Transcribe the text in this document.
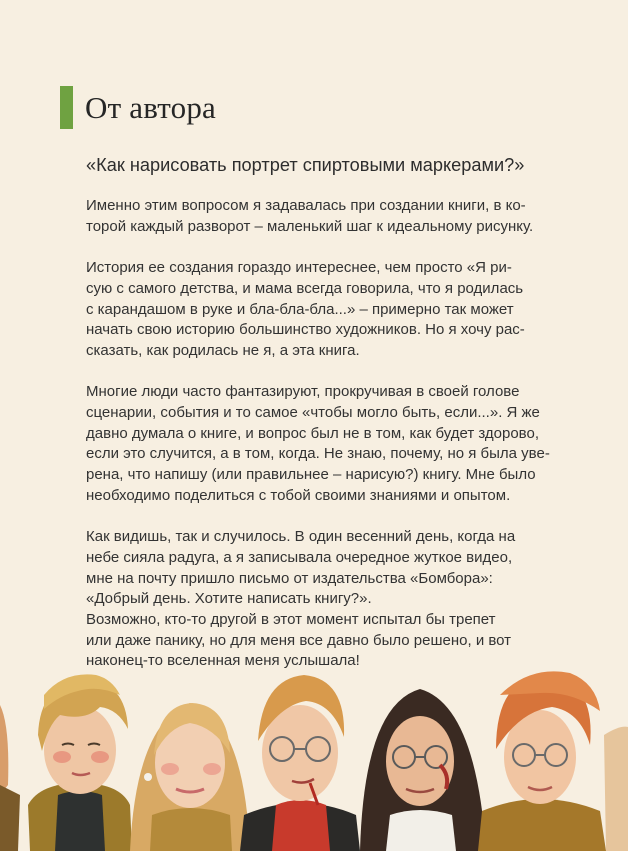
От автора
«Как нарисовать портрет спиртовыми маркерами?»

Именно этим вопросом я задавалась при создании книги, в ко-
торой каждый разворот – маленький шаг к идеальному рисунку.

История ее создания гораздо интереснее, чем просто «Я ри-
сую с самого детства, и мама всегда говорила, что я родилась
с карандашом в руке и бла-бла-бла...» – примерно так может
начать свою историю большинство художников. Но я хочу рас-
сказать, как родилась не я, а эта книга.

Многие люди часто фантазируют, прокручивая в своей голове
сценарии, события и то самое «чтобы могло быть, если...». Я же
давно думала о книге, и вопрос был не в том, как будет здорово,
если это случится, а в том, когда. Не знаю, почему, но я была уве-
рена, что напишу (или правильнее – нарисую?) книгу. Мне было
необходимо поделиться с тобой своими знаниями и опытом.

Как видишь, так и случилось. В один весенний день, когда на
небе сияла радуга, а я записывала очередное жуткое видео,
мне на почту пришло письмо от издательства «Бомбора»:
«Добрый день. Хотите написать книгу?».
Возможно, кто-то другой в этот момент испытал бы трепет
или даже панику, но для меня все давно было решено, и вот
наконец-то вселенная меня услышала!
